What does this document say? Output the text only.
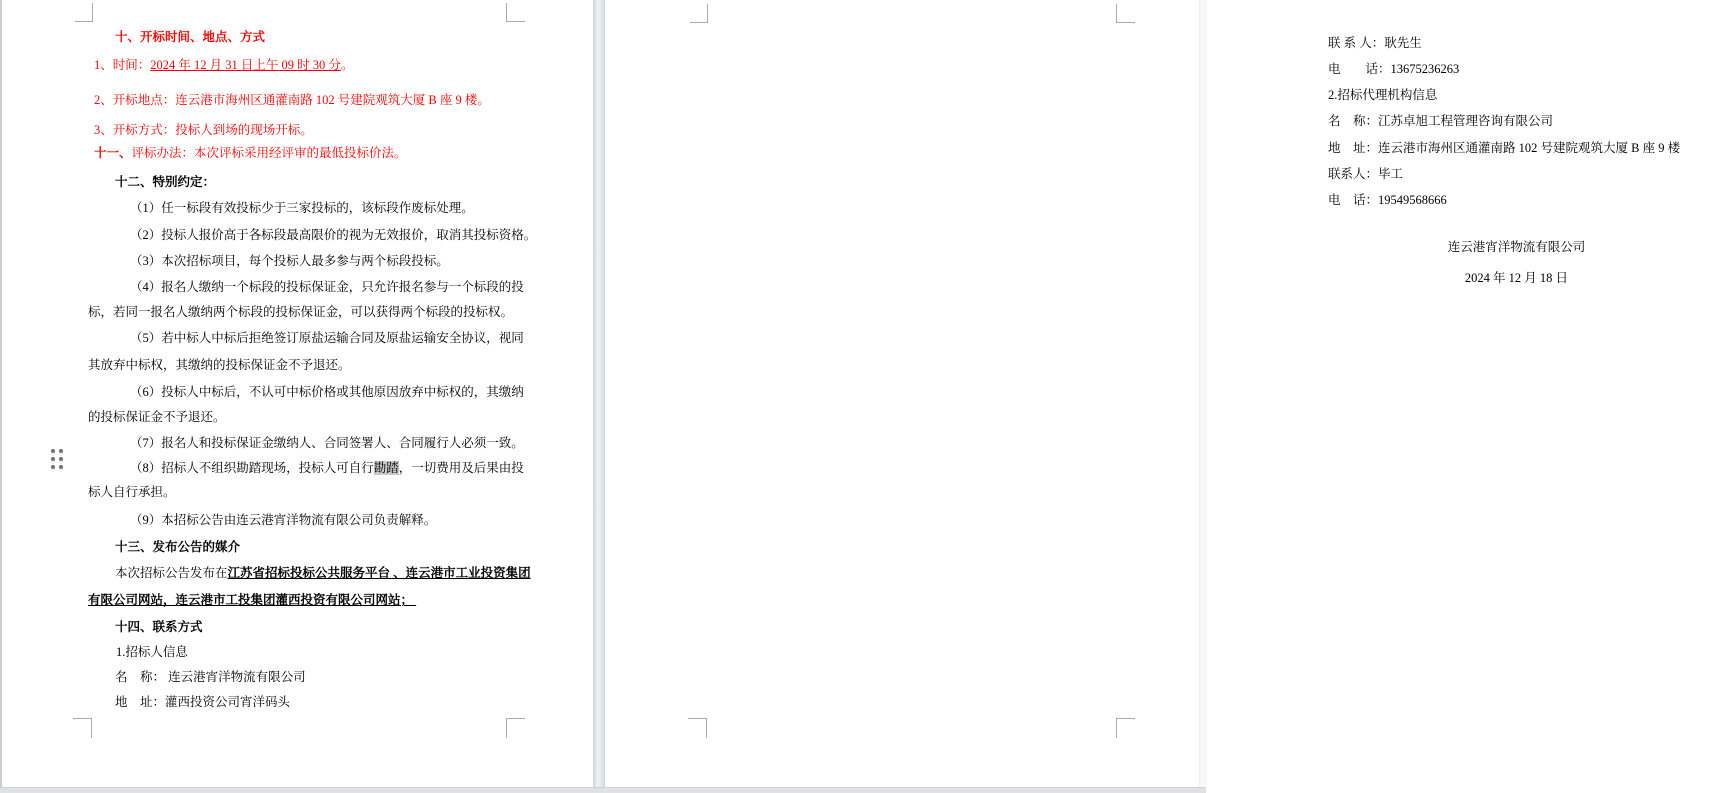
十、开标时间、地点、方式
1、时间：2024 年 12 月 31 日上午 09 时 30 分。
2、开标地点：连云港市海州区通灌南路 102 号建院观筑大厦 B 座 9 楼。
3、开标方式：投标人到场的现场开标。
十一、评标办法：本次评标采用经评审的最低投标价法。
十二、特别约定：
（1）任一标段有效投标少于三家投标的，该标段作废标处理。
（2）投标人报价高于各标段最高限价的视为无效报价，取消其投标资格。
（3）本次招标项目，每个投标人最多参与两个标段投标。
（4）报名人缴纳一个标段的投标保证金，只允许报名参与一个标段的投
标，若同一报名人缴纳两个标段的投标保证金，可以获得两个标段的投标权。
（5）若中标人中标后拒绝签订原盐运输合同及原盐运输安全协议，视同
其放弃中标权，其缴纳的投标保证金不予退还。
（6）投标人中标后，不认可中标价格或其他原因放弃中标权的，其缴纳
的投标保证金不予退还。
（7）报名人和投标保证金缴纳人、合同签署人、合同履行人必须一致。
（8）招标人不组织勘踏现场，投标人可自行勘踏，一切费用及后果由投
标人自行承担。
（9）本招标公告由连云港宵洋物流有限公司负责解释。
十三、发布公告的媒介
本次招标公告发布在江苏省招标投标公共服务平台 、连云港市工业投资集团
有限公司网站，连云港市工投集团灌西投资有限公司网站；
十四、联系方式
1.招标人信息
名　称： 连云港宵洋物流有限公司
地　址：灌西投资公司宵洋码头
联 系 人：耿先生
电　　话：13675236263
2.招标代理机构信息
名　称：江苏卓旭工程管理咨询有限公司
地　址：连云港市海州区通灌南路 102 号建院观筑大厦 B 座 9 楼
联系人：毕工
电　话：19549568666
连云港宵洋物流有限公司
2024 年 12 月 18 日
